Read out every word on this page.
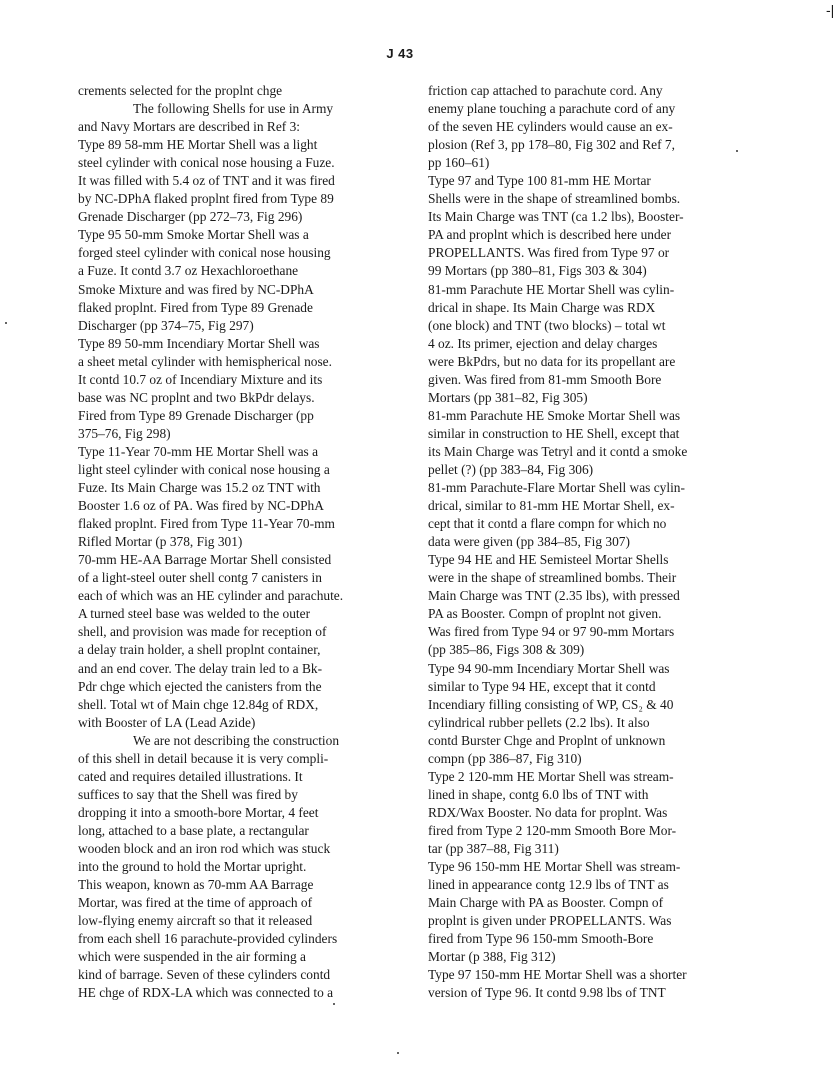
-|
J 43
crements selected for the proplnt chge
The following Shells for use in Army
and Navy Mortars are described in Ref 3:
Type 89 58-mm HE Mortar Shell was a light
steel cylinder with conical nose housing a Fuze.
It was filled with 5.4 oz of TNT and it was fired
by NC-DPhA flaked proplnt fired from Type 89
Grenade Discharger (pp 272–73, Fig 296)
Type 95 50-mm Smoke Mortar Shell was a
forged steel cylinder with conical nose housing
a Fuze. It contd 3.7 oz Hexachloroethane
Smoke Mixture and was fired by NC-DPhA
flaked proplnt. Fired from Type 89 Grenade
Discharger (pp 374–75, Fig 297)
Type 89 50-mm Incendiary Mortar Shell was
a sheet metal cylinder with hemispherical nose.
It contd 10.7 oz of Incendiary Mixture and its
base was NC proplnt and two BkPdr delays.
Fired from Type 89 Grenade Discharger (pp
375–76, Fig 298)
Type 11-Year 70-mm HE Mortar Shell was a
light steel cylinder with conical nose housing a
Fuze. Its Main Charge was 15.2 oz TNT with
Booster 1.6 oz of PA. Was fired by NC-DPhA
flaked proplnt. Fired from Type 11-Year 70-mm
Rifled Mortar (p 378, Fig 301)
70-mm HE-AA Barrage Mortar Shell consisted
of a light-steel outer shell contg 7 canisters in
each of which was an HE cylinder and parachute.
A turned steel base was welded to the outer
shell, and provision was made for reception of
a delay train holder, a shell proplnt container,
and an end cover. The delay train led to a Bk-
Pdr chge which ejected the canisters from the
shell. Total wt of Main chge 12.84g of RDX,
with Booster of LA (Lead Azide)
We are not describing the construction
of this shell in detail because it is very compli-
cated and requires detailed illustrations. It
suffices to say that the Shell was fired by
dropping it into a smooth-bore Mortar, 4 feet
long, attached to a base plate, a rectangular
wooden block and an iron rod which was stuck
into the ground to hold the Mortar upright.
This weapon, known as 70-mm AA Barrage
Mortar, was fired at the time of approach of
low-flying enemy aircraft so that it released
from each shell 16 parachute-provided cylinders
which were suspended in the air forming a
kind of barrage. Seven of these cylinders contd
HE chge of RDX-LA which was connected to a
friction cap attached to parachute cord. Any
enemy plane touching a parachute cord of any
of the seven HE cylinders would cause an ex-
plosion (Ref 3, pp 178–80, Fig 302 and Ref 7,
pp 160–61)
Type 97 and Type 100 81-mm HE Mortar
Shells were in the shape of streamlined bombs.
Its Main Charge was TNT (ca 1.2 lbs), Booster-
PA and proplnt which is described here under
PROPELLANTS. Was fired from Type 97 or
99 Mortars (pp 380–81, Figs 303 & 304)
81-mm Parachute HE Mortar Shell was cylin-
drical in shape. Its Main Charge was RDX
(one block) and TNT (two blocks) – total wt
4 oz. Its primer, ejection and delay charges
were BkPdrs, but no data for its propellant are
given. Was fired from 81-mm Smooth Bore
Mortars (pp 381–82, Fig 305)
81-mm Parachute HE Smoke Mortar Shell was
similar in construction to HE Shell, except that
its Main Charge was Tetryl and it contd a smoke
pellet (?) (pp 383–84, Fig 306)
81-mm Parachute-Flare Mortar Shell was cylin-
drical, similar to 81-mm HE Mortar Shell, ex-
cept that it contd a flare compn for which no
data were given (pp 384–85, Fig 307)
Type 94 HE and HE Semisteel Mortar Shells
were in the shape of streamlined bombs. Their
Main Charge was TNT (2.35 lbs), with pressed
PA as Booster. Compn of proplnt not given.
Was fired from Type 94 or 97 90-mm Mortars
(pp 385–86, Figs 308 & 309)
Type 94 90-mm Incendiary Mortar Shell was
similar to Type 94 HE, except that it contd
Incendiary filling consisting of WP, CS₂ & 40
cylindrical rubber pellets (2.2 lbs). It also
contd Burster Chge and Proplnt of unknown
compn (pp 386–87, Fig 310)
Type 2 120-mm HE Mortar Shell was stream-
lined in shape, contg 6.0 lbs of TNT with
RDX/Wax Booster. No data for proplnt. Was
fired from Type 2 120-mm Smooth Bore Mor-
tar (pp 387–88, Fig 311)
Type 96 150-mm HE Mortar Shell was stream-
lined in appearance contg 12.9 lbs of TNT as
Main Charge with PA as Booster. Compn of
proplnt is given under PROPELLANTS. Was
fired from Type 96 150-mm Smooth-Bore
Mortar (p 388, Fig 312)
Type 97 150-mm HE Mortar Shell was a shorter
version of Type 96. It contd 9.98 lbs of TNT
